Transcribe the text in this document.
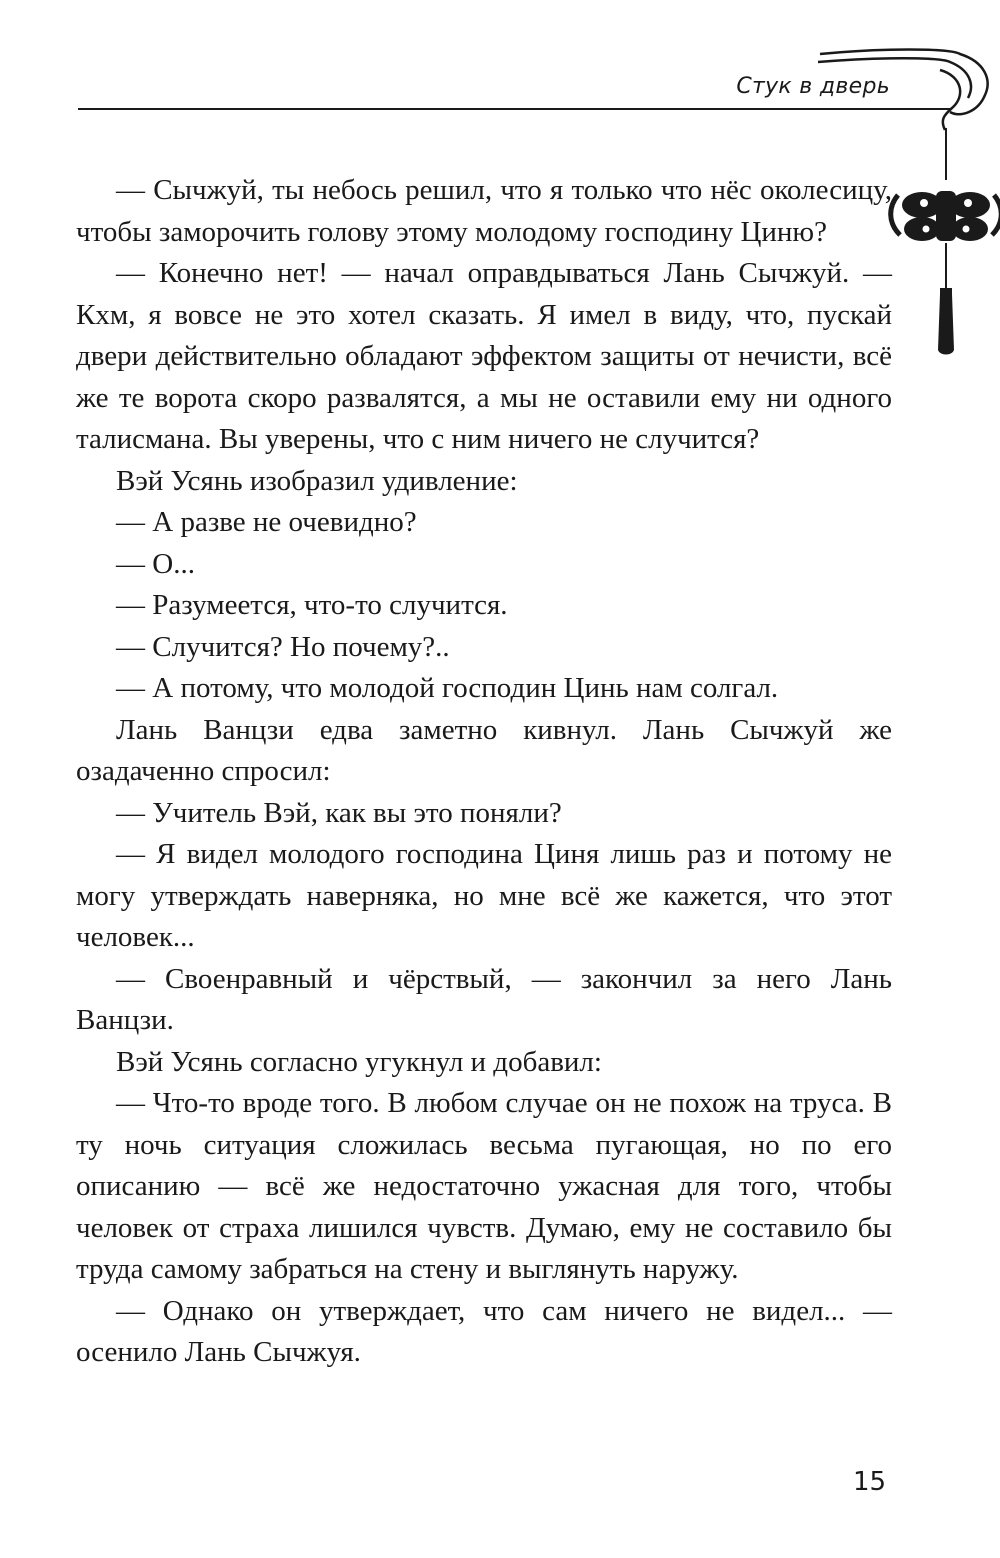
Стук в дверь

— Сычжуй, ты небось решил, что я только что нёс околесицу, чтобы заморочить голову этому молодому господину Циню?

— Конечно нет! — начал оправдываться Лань Сычжуй. — Кхм, я вовсе не это хотел сказать. Я имел в виду, что, пускай двери действительно обладают эффектом защиты от нечисти, всё же те ворота скоро развалятся, а мы не оставили ему ни одного талисмана. Вы уверены, что с ним ничего не случится?

Вэй Усянь изобразил удивление:

— А разве не очевидно?

— О...

— Разумеется, что-то случится.

— Случится? Но почему?..

— А потому, что молодой господин Цинь нам солгал.

Лань Ванцзи едва заметно кивнул. Лань Сычжуй же озадаченно спросил:

— Учитель Вэй, как вы это поняли?

— Я видел молодого господина Циня лишь раз и потому не могу утверждать наверняка, но мне всё же кажется, что этот человек...

— Своенравный и чёрствый, — закончил за него Лань Ванцзи.

Вэй Усянь согласно угукнул и добавил:

— Что-то вроде того. В любом случае он не похож на труса. В ту ночь ситуация сложилась весьма пугающая, но по его описанию — всё же недостаточно ужасная для того, чтобы человек от страха лишился чувств. Думаю, ему не составило бы труда самому забраться на стену и выглянуть наружу.

— Однако он утверждает, что сам ничего не видел... — осенило Лань Сычжуя.

15
